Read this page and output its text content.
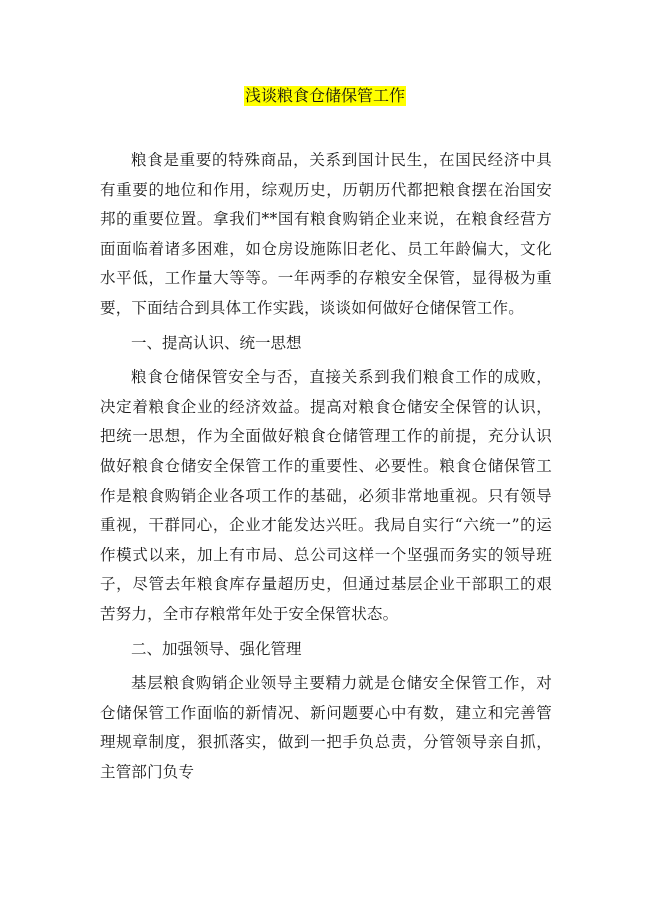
浅谈粮食仓储保管工作

粮食是重要的特殊商品，关系到国计民生，在国民经济中具有重要的地位和作用，综观历史，历朝历代都把粮食摆在治国安邦的重要位置。拿我们**国有粮食购销企业来说，在粮食经营方面面临着诸多困难，如仓房设施陈旧老化、员工年龄偏大，文化水平低，工作量大等等。一年两季的存粮安全保管，显得极为重要，下面结合到具体工作实践，谈谈如何做好仓储保管工作。

一、提高认识、统一思想

粮食仓储保管安全与否，直接关系到我们粮食工作的成败，决定着粮食企业的经济效益。提高对粮食仓储安全保管的认识，把统一思想，作为全面做好粮食仓储管理工作的前提，充分认识做好粮食仓储安全保管工作的重要性、必要性。粮食仓储保管工作是粮食购销企业各项工作的基础，必须非常地重视。只有领导重视，干群同心，企业才能发达兴旺。我局自实行“六统一”的运作模式以来，加上有市局、总公司这样一个坚强而务实的领导班子，尽管去年粮食库存量超历史，但通过基层企业干部职工的艰苦努力，全市存粮常年处于安全保管状态。

二、加强领导、强化管理

基层粮食购销企业领导主要精力就是仓储安全保管工作，对仓储保管工作面临的新情况、新问题要心中有数，建立和完善管理规章制度，狠抓落实，做到一把手负总责，分管领导亲自抓，主管部门负专
